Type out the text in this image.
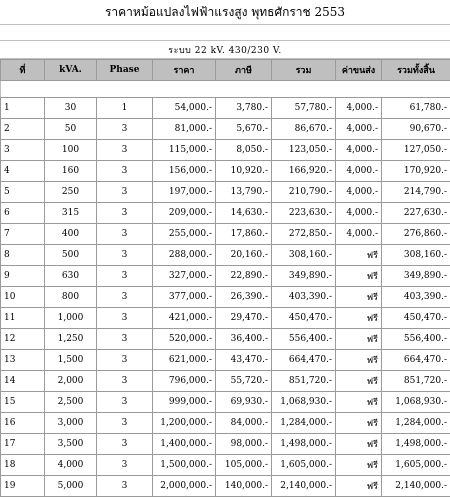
ราคาหม้อแปลงไฟฟ้าแรงสูง พุทธศักราช 2553
ระบบ 22 kV. 430/230 V.

ที่	kVA.	Phase	ราคา	ภาษี	รวม	ค่าขนส่ง	รวมทั้งสิ้น
1	30	1	54,000.-	3,780.-	57,780.-	4,000.-	61,780.-
2	50	3	81,000.-	5,670.-	86,670.-	4,000.-	90,670.-
3	100	3	115,000.-	8,050.-	123,050.-	4,000.-	127,050.-
4	160	3	156,000.-	10,920.-	166,920.-	4,000.-	170,920.-
5	250	3	197,000.-	13,790.-	210,790.-	4,000.-	214,790.-
6	315	3	209,000.-	14,630.-	223,630.-	4,000.-	227,630.-
7	400	3	255,000.-	17,860.-	272,850.-	4,000.-	276,860.-
8	500	3	288,000.-	20,160.-	308,160.-	ฟรี	308,160.-
9	630	3	327,000.-	22,890.-	349,890.-	ฟรี	349,890.-
10	800	3	377,000.-	26,390.-	403,390.-	ฟรี	403,390.-
11	1,000	3	421,000.-	29,470.-	450,470.-	ฟรี	450,470.-
12	1,250	3	520,000.-	36,400.-	556,400.-	ฟรี	556,400.-
13	1,500	3	621,000.-	43,470.-	664,470.-	ฟรี	664,470.-
14	2,000	3	796,000.-	55,720.-	851,720.-	ฟรี	851,720.-
15	2,500	3	999,000.-	69,930.-	1,068,930.-	ฟรี	1,068,930.-
16	3,000	3	1,200,000.-	84,000.-	1,284,000.-	ฟรี	1,284,000.-
17	3,500	3	1,400,000.-	98,000.-	1,498,000.-	ฟรี	1,498,000.-
18	4,000	3	1,500,000.-	105,000.-	1,605,000.-	ฟรี	1,605,000.-
19	5,000	3	2,000,000.-	140,000.-	2,140,000.-	ฟรี	2,140,000.-
